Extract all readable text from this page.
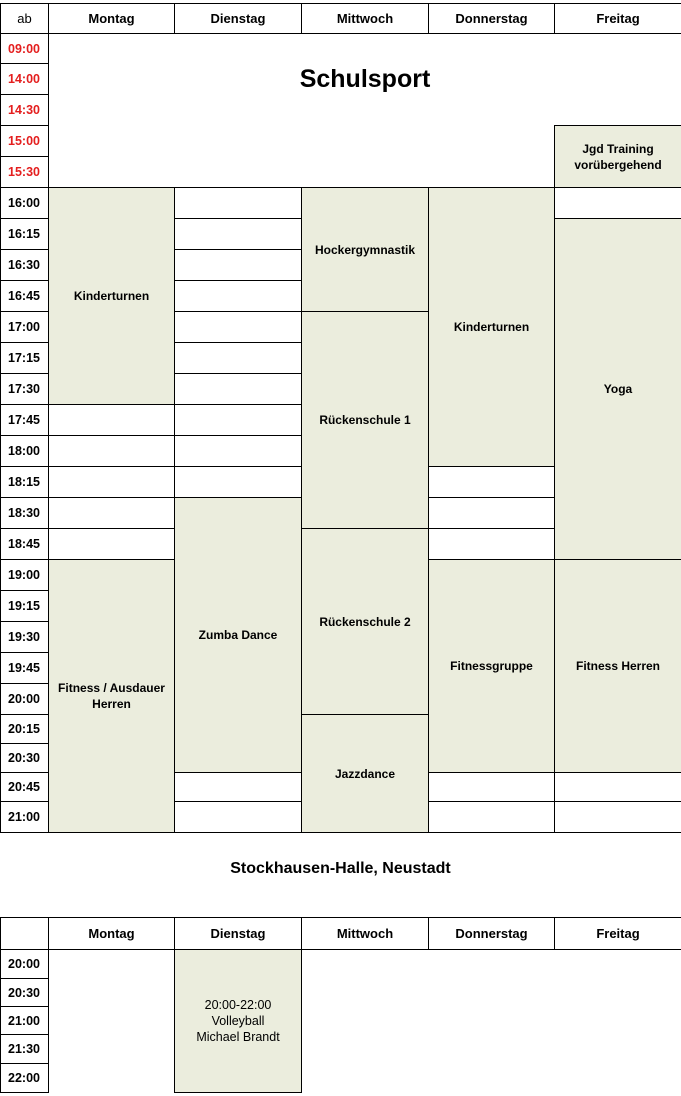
ab	Montag	Dienstag	Mittwoch	Donnerstag	Freitag
09:00	Schulsport				
14:00					
14:30					
15:00					Jgd Training vorübergehend
15:30					
16:00	Kinderturnen		Hockergymnastik	Kinderturnen	
16:15					Yoga
16:30					
16:45					
17:00			Rückenschule 1		
17:15					
17:30					
17:45					
18:00					
18:15					
18:30		Zumba Dance			
18:45			Rückenschule 2		
19:00	Fitness / Ausdauer Herren			Fitnessgruppe	Fitness Herren
19:15					
19:30					
19:45					
20:00					
20:15			Jazzdance		
20:30					
20:45					
21:00					
Stockhausen-Halle, Neustadt
	Montag	Dienstag	Mittwoch	Donnerstag	Freitag
20:00		20:00-22:00
Volleyball
Michael Brandt			

20:30					
21:00					
21:30					
22:00					
